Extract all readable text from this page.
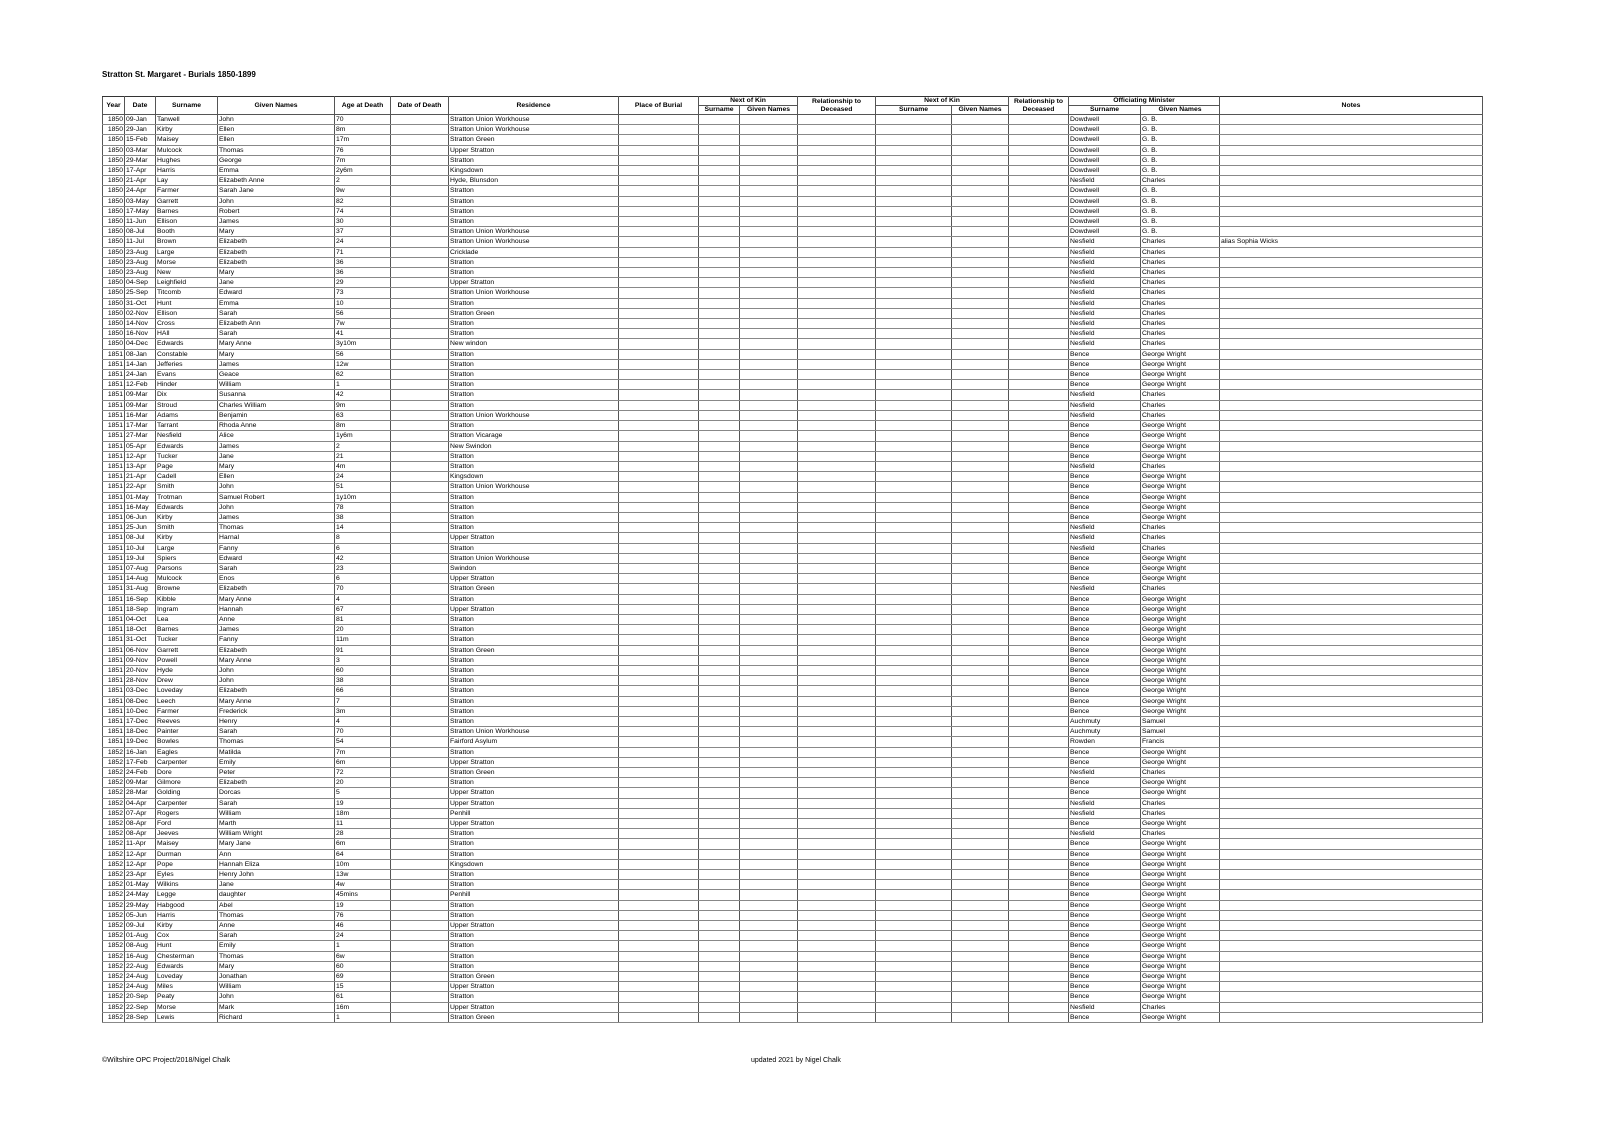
Stratton St. Margaret - Burials 1850-1899
Year	Date	Surname	Given Names	Age at Death	Date of Death	Residence	Place of Burial	Next of Kin		Relationship to Deceased	Next of Kin		Relationship to Deceased	Officiating Minister		Notes
								Surname	Given Names		Surname	Given Names		Surname	Given Names	
1850	09-Jan	Tanwell	John	70		Stratton Union Workhouse								Dowdwell	G. B.	
1850	29-Jan	Kirby	Ellen	8m		Stratton Union Workhouse								Dowdwell	G. B.	
1850	15-Feb	Maisey	Ellen	17m		Stratton Green								Dowdwell	G. B.	
1850	03-Mar	Mulcock	Thomas	76		Upper Stratton								Dowdwell	G. B.	
1850	29-Mar	Hughes	George	7m		Stratton								Dowdwell	G. B.	
1850	17-Apr	Harris	Emma	2y6m		Kingsdown								Dowdwell	G. B.	
1850	21-Apr	Lay	Elizabeth Anne	2		Hyde, Blunsdon								Nesfield	Charles	
1850	24-Apr	Farmer	Sarah Jane	9w		Stratton								Dowdwell	G. B.	
1850	03-May	Garrett	John	82		Stratton								Dowdwell	G. B.	
1850	17-May	Barnes	Robert	74		Stratton								Dowdwell	G. B.	
1850	11-Jun	Ellison	James	30		Stratton								Dowdwell	G. B.	
1850	08-Jul	Booth	Mary	37		Stratton Union Workhouse								Dowdwell	G. B.	
1850	11-Jul	Brown	Elizabeth	24		Stratton Union Workhouse								Nesfield	Charles	alias Sophia Wicks
1850	23-Aug	Large	Elizabeth	71		Cricklade								Nesfield	Charles	
1850	23-Aug	Morse	Elizabeth	36		Stratton								Nesfield	Charles	
1850	23-Aug	New	Mary	36		Stratton								Nesfield	Charles	
1850	04-Sep	Leighfield	Jane	29		Upper Stratton								Nesfield	Charles	
1850	25-Sep	Titcomb	Edward	73		Stratton Union Workhouse								Nesfield	Charles	
1850	31-Oct	Hunt	Emma	10		Stratton								Nesfield	Charles	
1850	02-Nov	Ellison	Sarah	56		Stratton Green								Nesfield	Charles	
1850	14-Nov	Cross	Elizabeth Ann	7w		Stratton								Nesfield	Charles	
1850	16-Nov	HAll	Sarah	41		Stratton								Nesfield	Charles	
1850	04-Dec	Edwards	Mary Anne	3y10m		New windon								Nesfield	Charles	
1851	08-Jan	Constable	Mary	56		Stratton								Bence	George Wright	
1851	14-Jan	Jefferies	James	12w		Stratton								Bence	George Wright	
1851	24-Jan	Evans	Geace	62		Stratton								Bence	George Wright	
1851	12-Feb	Hinder	William	1		Stratton								Bence	George Wright	
1851	09-Mar	Dix	Susanna	42		Stratton								Nesfield	Charles	
1851	09-Mar	Stroud	Charles William	9m		Stratton								Nesfield	Charles	
1851	16-Mar	Adams	Benjamin	63		Stratton Union Workhouse								Nesfield	Charles	
1851	17-Mar	Tarrant	Rhoda Anne	8m		Stratton								Bence	George Wright	
1851	27-Mar	Nesfield	Alice	1y6m		Stratton Vicarage								Bence	George Wright	
1851	05-Apr	Edwards	James	2		New Swindon								Bence	George Wright	
1851	12-Apr	Tucker	Jane	21		Stratton								Bence	George Wright	
1851	13-Apr	Page	Mary	4m		Stratton								Nesfield	Charles	
1851	21-Apr	Cadell	Ellen	24		Kingsdown								Bence	George Wright	
1851	22-Apr	Smith	John	51		Stratton Union Workhouse								Bence	George Wright	
1851	01-May	Trotman	Samuel Robert	1y10m		Stratton								Bence	George Wright	
1851	16-May	Edwards	John	78		Stratton								Bence	George Wright	
1851	06-Jun	Kirby	James	38		Stratton								Bence	George Wright	
1851	25-Jun	Smith	Thomas	14		Stratton								Nesfield	Charles	
1851	08-Jul	Kirby	Harnal	8		Upper Stratton								Nesfield	Charles	
1851	10-Jul	Large	Fanny	6		Stratton								Nesfield	Charles	
1851	19-Jul	Spiers	Edward	42		Stratton Union Workhouse								Bence	George Wright	
1851	07-Aug	Parsons	Sarah	23		Swindon								Bence	George Wright	
1851	14-Aug	Mulcock	Enos	6		Upper Stratton								Bence	George Wright	
1851	31-Aug	Browne	Elizabeth	70		Stratton Green								Nesfield	Charles	
1851	16-Sep	Kibble	Mary Anne	4		Stratton								Bence	George Wright	
1851	18-Sep	Ingram	Hannah	67		Upper Stratton								Bence	George Wright	
1851	04-Oct	Lea	Anne	81		Stratton								Bence	George Wright	
1851	18-Oct	Barnes	James	20		Stratton								Bence	George Wright	
1851	31-Oct	Tucker	Fanny	11m		Stratton								Bence	George Wright	
1851	06-Nov	Garrett	Elizabeth	91		Stratton Green								Bence	George Wright	
1851	09-Nov	Powell	Mary Anne	3		Stratton								Bence	George Wright	
1851	20-Nov	Hyde	John	60		Stratton								Bence	George Wright	
1851	28-Nov	Drew	John	38		Stratton								Bence	George Wright	
1851	03-Dec	Loveday	Elizabeth	66		Stratton								Bence	George Wright	
1851	08-Dec	Leech	Mary Anne	7		Stratton								Bence	George Wright	
1851	10-Dec	Farmer	Frederick	3m		Stratton								Bence	George Wright	
1851	17-Dec	Reeves	Henry	4		Stratton								Auchmuty	Samuel	
1851	18-Dec	Painter	Sarah	70		Stratton Union Workhouse								Auchmuty	Samuel	
1851	19-Dec	Bowles	Thomas	54		Fairford Asylum								Rowden	Francis	
1852	16-Jan	Eagles	Matilda	7m		Stratton								Bence	George Wright	
1852	17-Feb	Carpenter	Emily	6m		Upper Stratton								Bence	George Wright	
1852	24-Feb	Dore	Peter	72		Stratton Green								Nesfield	Charles	
1852	09-Mar	Gilmore	Elizabeth	20		Stratton								Bence	George Wright	
1852	28-Mar	Golding	Dorcas	5		Upper Stratton								Bence	George Wright	
1852	04-Apr	Carpenter	Sarah	19		Upper Stratton								Nesfield	Charles	
1852	07-Apr	Rogers	William	18m		Penhill								Nesfield	Charles	
1852	08-Apr	Ford	Marth	11		Upper Stratton								Bence	George Wright	
1852	08-Apr	Jeeves	William Wright	28		Stratton								Nesfield	Charles	
1852	11-Apr	Maisey	Mary Jane	6m		Stratton								Bence	George Wright	
1852	12-Apr	Durman	Ann	64		Stratton								Bence	George Wright	
1852	12-Apr	Pope	Hannah Eliza	10m		Kingsdown								Bence	George Wright	
1852	23-Apr	Eyles	Henry John	13w		Stratton								Bence	George Wright	
1852	01-May	Wilkins	Jane	4w		Stratton								Bence	George Wright	
1852	24-May	Legge	daughter	45mins		Penhill								Bence	George Wright	
1852	29-May	Habgood	Abel	19		Stratton								Bence	George Wright	
1852	05-Jun	Harris	Thomas	76		Stratton								Bence	George Wright	
1852	09-Jul	Kirby	Anne	46		Upper Stratton								Bence	George Wright	
1852	01-Aug	Cox	Sarah	24		Stratton								Bence	George Wright	
1852	08-Aug	Hunt	Emily	1		Stratton								Bence	George Wright	
1852	16-Aug	Chesterman	Thomas	6w		Stratton								Bence	George Wright	
1852	22-Aug	Edwards	Mary	60		Stratton								Bence	George Wright	
1852	24-Aug	Loveday	Jonathan	69		Stratton Green								Bence	George Wright	
1852	24-Aug	Miles	William	15		Upper Stratton								Bence	George Wright	
1852	20-Sep	Peaty	John	61		Stratton								Bence	George Wright	
1852	22-Sep	Morse	Mark	16m		Upper Stratton								Nesfield	Charles	
1852	28-Sep	Lewis	Richard	1		Stratton Green								Bence	George Wright	
©Wiltshire OPC Project/2018/Nigel Chalk	updated 2021 by Nigel Chalk
